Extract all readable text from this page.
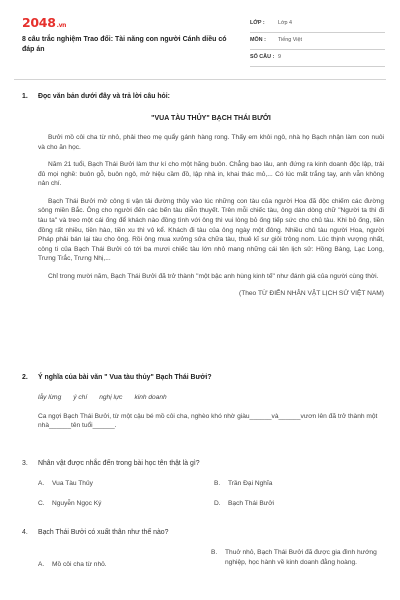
2048.vn
8 câu trắc nghiệm Trao đổi: Tài năng con người Cánh diều có đáp án
LỚP :	Lớp 4
MÔN :	Tiếng Việt
SỐ CÂU : 9
1.	Đọc văn bản dưới đây và trả lời câu hỏi:
"VUA TÀU THỦY" BẠCH THÁI BƯỞI

Bưởi mồ côi cha từ nhỏ, phải theo mẹ quẩy gánh hàng rong. Thấy em khôi ngô, nhà họ Bạch nhận làm con nuôi và cho ăn học.

Năm 21 tuổi, Bạch Thái Bưởi làm thư kí cho một hãng buôn. Chẳng bao lâu, anh đứng ra kinh doanh độc lập, trải đủ mọi nghề: buôn gỗ, buôn ngô, mở hiệu cầm đồ, lập nhà in, khai thác mỏ,... Có lúc mất trắng tay, anh vẫn không nản chí.

Bạch Thái Bưởi mở công ti vận tải đường thủy vào lúc những con tàu của người Hoa đã độc chiếm các đường sông miền Bắc. Ông cho người đến các bến tàu diễn thuyết. Trên mỗi chiếc tàu, ông dán dòng chữ "Người ta thì đi tàu ta" và treo một cái ống để khách nào đồng tình với ông thì vui lòng bỏ ống tiếp sức cho chủ tàu. Khi bỏ ống, tiền đồng rất nhiều, tiền hào, tiền xu thì vô kể. Khách đi tàu của ông ngày một đông. Nhiều chủ tàu người Hoa, người Pháp phải bán lại tàu cho ông. Rồi ông mua xưởng sửa chữa tàu, thuê kĩ sư giỏi trông nom. Lúc thịnh vượng nhất, công ti của Bạch Thái Bưởi có tới ba mươi chiếc tàu lớn nhỏ mang những cái tên lịch sử: Hồng Bàng, Lạc Long, Trưng Trắc, Trưng Nhị,...

Chỉ trong mười năm, Bạch Thái Bưởi đã trở thành "một bậc anh hùng kinh tế" như đánh giá của người cùng thời.

(Theo TỪ ĐIỂN NHÂN VẬT LỊCH SỬ VIỆT NAM)

2.	Ý nghĩa của bài văn " Vua tàu thủy" Bạch Thái Bưởi?
lẫy lừng ý chí nghị lực kinh doanh

Ca ngợi Bạch Thái Bưởi, từ một cậu bé mồ côi cha, nghèo khó nhờ giàu______và______vươn lên đã trở thành một nhà______tên tuổi______.

3.	Nhân vật được nhắc đến trong bài học tên thật là gì?
A.	Vua Tàu Thủy	B.	Trần Đại Nghĩa
C.	Nguyễn Ngọc Ký	D.	Bạch Thái Bưởi
4.	Bạch Thái Bưởi có xuất thân như thế nào?
A.	Mồ côi cha từ nhỏ.
B.	Thuở nhỏ, Bạch Thái Bưởi đã được gia đình hướng nghiệp, học hành về kinh doanh đằng hoàng.
